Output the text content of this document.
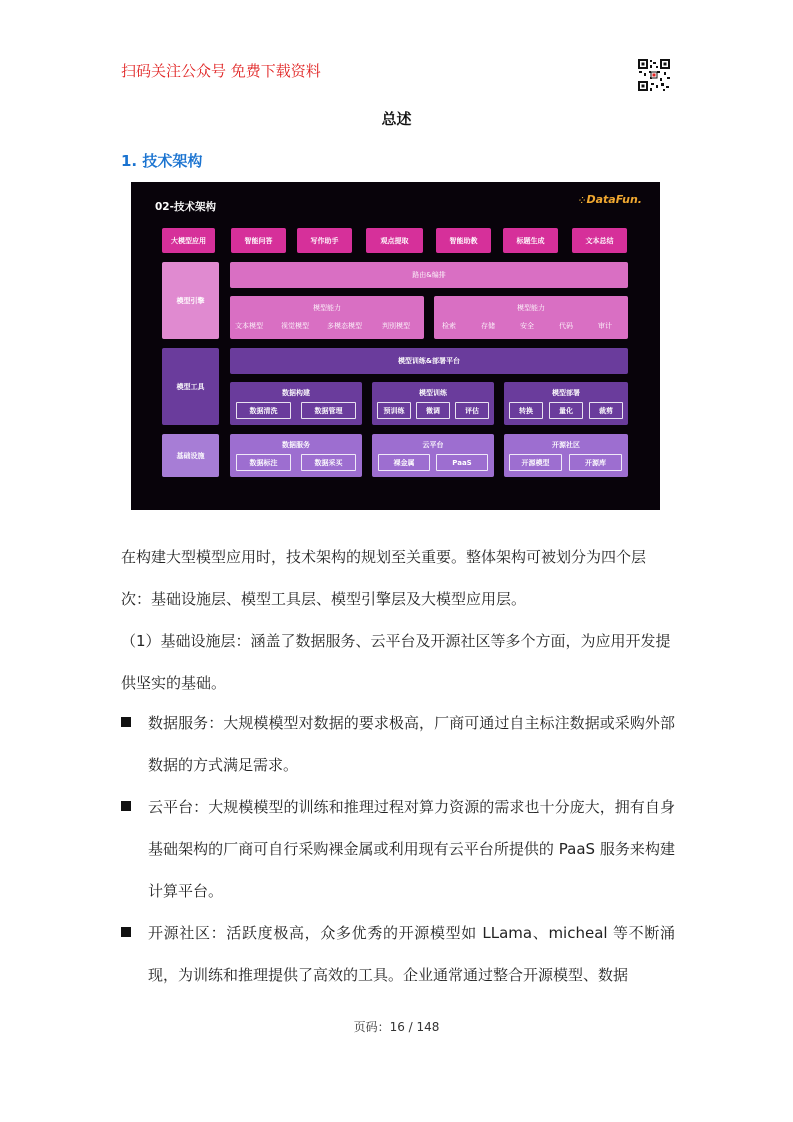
扫码关注公众号 免费下载资料
总述
1. 技术架构
02-技术架构
⁘DataFun.
大模型应用	智能问答	写作助手	观点提取	智能助教	标题生成	文本总结
模型引擎
路由&编排
模型能力
文本模型	视觉模型	多模态模型	判别模型
模型能力
检索	存储	安全	代码	审计
模型工具
模型训练&部署平台
数据构建
数据清洗	数据管理
模型训练
预训练	微调	评估
模型部署
转换	量化	裁剪
基础设施
数据服务
数据标注	数据采买
云平台
裸金属	PaaS
开源社区
开源模型	开源库
在构建大型模型应用时，技术架构的规划至关重要。整体架构可被划分为四个层次：基础设施层、模型工具层、模型引擎层及大模型应用层。
（1）基础设施层：涵盖了数据服务、云平台及开源社区等多个方面，为应用开发提供坚实的基础。
数据服务：大规模模型对数据的要求极高，厂商可通过自主标注数据或采购外部数据的方式满足需求。
云平台：大规模模型的训练和推理过程对算力资源的需求也十分庞大，拥有自身基础架构的厂商可自行采购裸金属或利用现有云平台所提供的 PaaS 服务来构建计算平台。
开源社区：活跃度极高，众多优秀的开源模型如 LLama、micheal 等不断涌现，为训练和推理提供了高效的工具。企业通常通过整合开源模型、数据
页码：16 / 148
